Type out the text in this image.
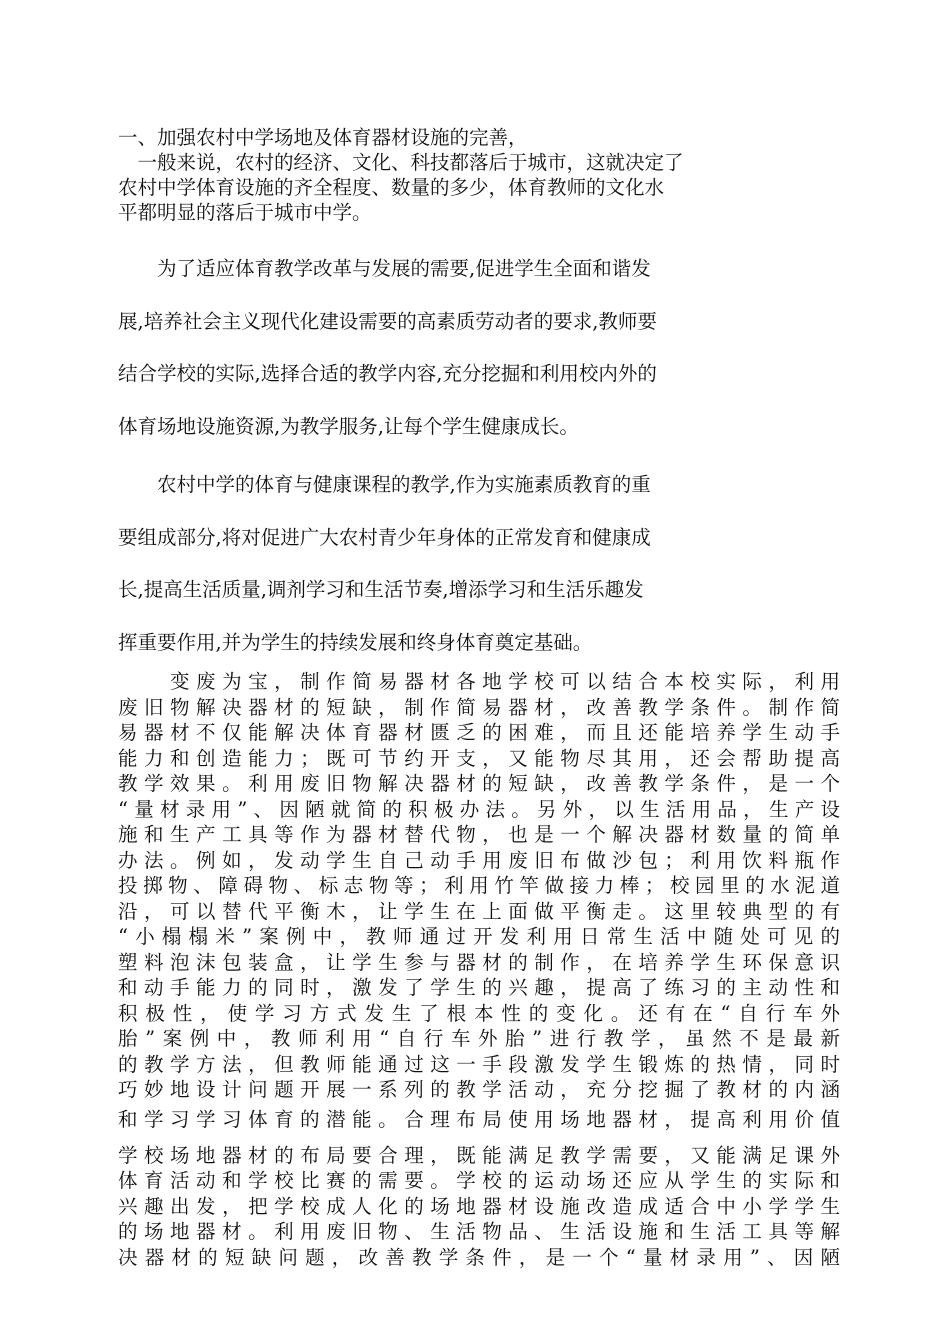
一、加强农村中学场地及体育器材设施的完善，
　一般来说，农村的经济、文化、科技都落后于城市，这就决定了
农村中学体育设施的齐全程度、数量的多少，体育教师的文化水
平都明显的落后于城市中学。
　　为了适应体育教学改革与发展的需要,促进学生全面和谐发
展,培养社会主义现代化建设需要的高素质劳动者的要求,教师要
结合学校的实际,选择合适的教学内容,充分挖掘和利用校内外的
体育场地设施资源,为教学服务,让每个学生健康成长。
　　农村中学的体育与健康课程的教学,作为实施素质教育的重
要组成部分,将对促进广大农村青少年身体的正常发育和健康成
长,提高生活质量,调剂学习和生活节奏,增添学习和生活乐趣发
挥重要作用,并为学生的持续发展和终身体育奠定基础。
　　变废为宝，制作简易器材各地学校可以结合本校实际，利用
废旧物解决器材的短缺，制作简易器材，改善教学条件。制作简
易器材不仅能解决体育器材匮乏的困难，而且还能培养学生动手
能力和创造能力；既可节约开支，又能物尽其用，还会帮助提高
教学效果。利用废旧物解决器材的短缺，改善教学条件，是一个
“量材录用”、因陋就简的积极办法。另外，以生活用品，生产设
施和生产工具等作为器材替代物，也是一个解决器材数量的简单
办法。例如，发动学生自己动手用废旧布做沙包；利用饮料瓶作
投掷物、障碍物、标志物等；利用竹竿做接力棒；校园里的水泥道
沿，可以替代平衡木，让学生在上面做平衡走。这里较典型的有
“小榻榻米”案例中，教师通过开发利用日常生活中随处可见的
塑料泡沫包装盒，让学生参与器材的制作，在培养学生环保意识
和动手能力的同时，激发了学生的兴趣，提高了练习的主动性和
积极性，使学习方式发生了根本性的变化。还有在“自行车外
胎”案例中，教师利用“自行车外胎”进行教学，虽然不是最新
的教学方法，但教师能通过这一手段激发学生锻炼的热情，同时
巧妙地设计问题开展一系列的教学活动，充分挖掘了教材的内涵
和学习学习体育的潜能。合理布局使用场地器材，提高利用价值
学校场地器材的布局要合理，既能满足教学需要，又能满足课外
体育活动和学校比赛的需要。学校的运动场还应从学生的实际和
兴趣出发，把学校成人化的场地器材设施改造成适合中小学学生
的场地器材。利用废旧物、生活物品、生活设施和生活工具等解
决器材的短缺问题，改善教学条件，是一个“量材录用”、因陋
